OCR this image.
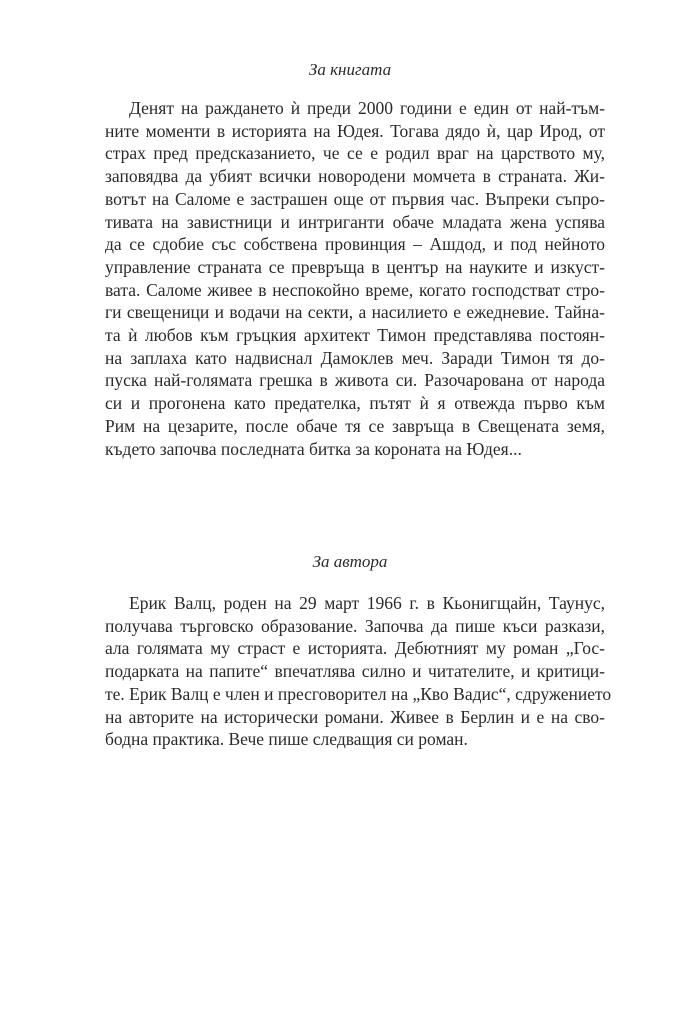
За книгата
Денят на раждането ѝ преди 2000 години е един от най-тъм-
ните моменти в историята на Юдея. Тогава дядо ѝ, цар Ирод, от
страх пред предсказанието, че се е родил враг на царството му,
заповядва да убият всички новородени момчета в страната. Жи-
вотът на Саломе е застрашен още от първия час. Въпреки съпро-
тивата на завистници и интриганти обаче младата жена успява
да се сдобие със собствена провинция – Ашдод, и под нейното
управление страната се превръща в център на науките и изкуст-
вата. Саломе живее в неспокойно време, когато господстват стро-
ги свещеници и водачи на секти, а насилието е ежедневие. Тайна-
та ѝ любов към гръцкия архитект Тимон представлява постоян-
на заплаха като надвиснал Дамоклев меч. Заради Тимон тя до-
пуска най-голямата грешка в живота си. Разочарована от народа
си и прогонена като предателка, пътят ѝ я отвежда първо към
Рим на цезарите, после обаче тя се завръща в Свещената земя,
където започва последната битка за короната на Юдея...
За автора
Ерик Валц, роден на 29 март 1966 г. в Кьонигщайн, Таунус,
получава търговско образование. Започва да пише къси разкази,
ала голямата му страст е историята. Дебютният му роман „Гос-
подарката на папите“ впечатлява силно и читателите, и критици-
те. Ерик Валц е член и пресговорител на „Кво Вадис“, сдружението
на авторите на исторически романи. Живее в Берлин и е на сво-
бодна практика. Вече пише следващия си роман.
